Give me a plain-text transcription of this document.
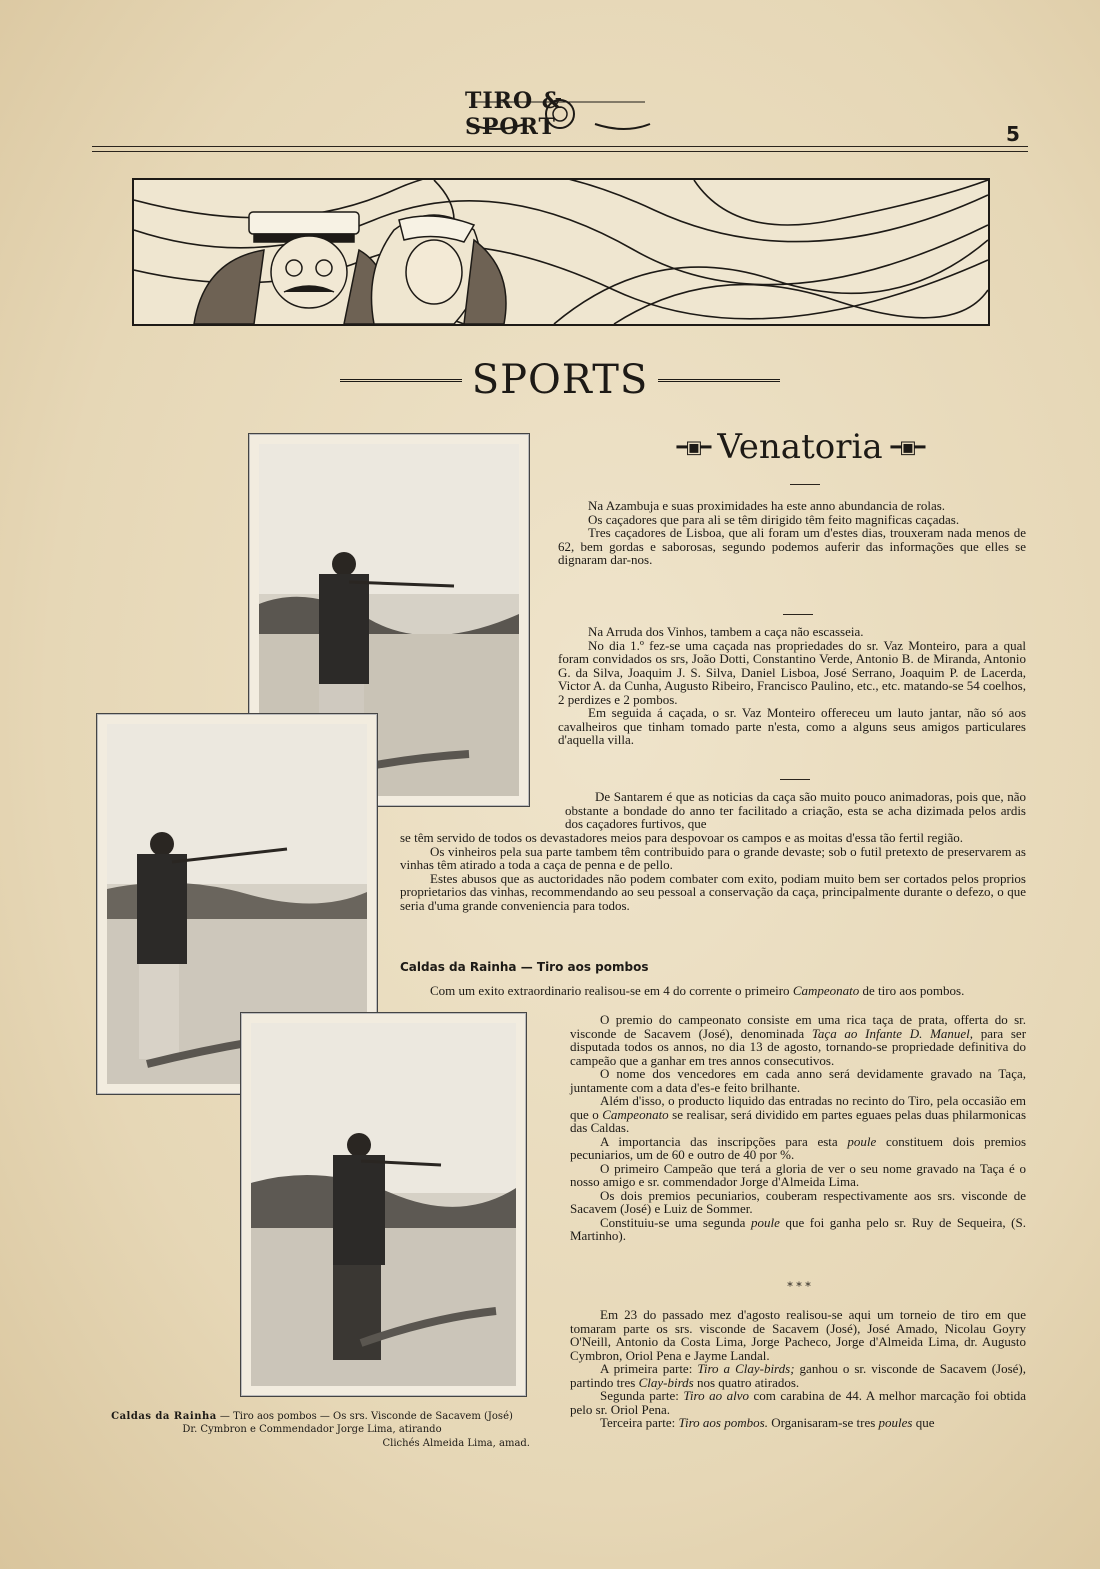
TIRO & SPORT	5
SPORTS
━▣━ Venatoria ━▣━

Na Azambuja e suas proximidades ha este anno abundancia de rolas.

Os caçadores que para ali se têm dirigido têm feito magnificas caçadas.

Tres caçadores de Lisboa, que ali foram um d'estes dias, trouxeram nada menos de 62, bem gordas e saborosas, segundo podemos auferir das informações que elles se dignaram dar-nos.

Na Arruda dos Vinhos, tambem a caça não escasseia.

No dia 1.º fez-se uma caçada nas propriedades do sr. Vaz Monteiro, para a qual foram convidados os srs, João Dotti, Constantino Verde, Antonio B. de Miranda, Antonio G. da Silva, Joaquim J. S. Silva, Daniel Lisboa, José Serrano, Joaquim P. de Lacerda, Victor A. da Cunha, Augusto Ribeiro, Francisco Paulino, etc., etc. matando-se 54 coelhos, 2 perdizes e 2 pombos.

Em seguida á caçada, o sr. Vaz Monteiro offereceu um lauto jantar, não só aos cavalheiros que tinham tomado parte n'esta, como a alguns seus amigos particulares d'aquella villa.

De Santarem é que as noticias da caça são muito pouco animadoras, pois que, não obstante a bondade do anno ter facilitado a criação, esta se acha dizimada pelos ardis dos caçadores furtivos, que

se têm servido de todos os devastadores meios para despovoar os campos e as moitas d'essa tão fertil região.

Os vinheiros pela sua parte tambem têm contribuido para o grande devaste; sob o futil pretexto de preservarem as vinhas têm atirado a toda a caça de penna e de pello.

Estes abusos que as auctoridades não podem combater com exito, podiam muito bem ser cortados pelos proprios proprietarios das vinhas, recommendando ao seu pessoal a conservação da caça, principalmente durante o defezo, o que seria d'uma grande conveniencia para todos.

Caldas da Rainha — Tiro aos pombos

Com um exito extraordinario realisou-se em 4 do corrente o primeiro Campeonato de tiro aos pombos.

O premio do campeonato consiste em uma rica taça de prata, offerta do sr. visconde de Sacavem (José), denominada Taça ao Infante D. Manuel, para ser disputada todos os annos, no dia 13 de agosto, tornando-se propriedade definitiva do campeão que a ganhar em tres annos consecutivos.

O nome dos vencedores em cada anno será devidamente gravado na Taça, juntamente com a data d'es-e feito brilhante.

Além d'isso, o producto liquido das entradas no recinto do Tiro, pela occasião em que o Campeonato se realisar, será dividido em partes eguaes pelas duas philarmonicas das Caldas.

A importancia das inscripções para esta poule constituem dois premios pecuniarios, um de 60 e outro de 40 por %.

O primeiro Campeão que terá a gloria de ver o seu nome gravado na Taça é o nosso amigo e sr. commendador Jorge d'Almeida Lima.

Os dois premios pecuniarios, couberam respectivamente aos srs. visconde de Sacavem (José) e Luiz de Sommer.

Constituiu-se uma segunda poule que foi ganha pelo sr. Ruy de Sequeira, (S. Martinho).

* * *

Em 23 do passado mez d'agosto realisou-se aqui um torneio de tiro em que tomaram parte os srs. visconde de Sacavem (José), José Amado, Nicolau Goyry O'Neill, Antonio da Costa Lima, Jorge Pacheco, Jorge d'Almeida Lima, dr. Augusto Cymbron, Oriol Pena e Jayme Landal.

A primeira parte: Tiro a Clay-birds; ganhou o sr. visconde de Sacavem (José), partindo tres Clay-birds nos quatro atirados.

Segunda parte: Tiro ao alvo com carabina de 44. A melhor marcação foi obtida pelo sr. Oriol Pena.

Terceira parte: Tiro aos pombos. Organisaram-se tres poules que

Caldas da Rainha — Tiro aos pombos — Os srs. Visconde de Sacavem (José)
Dr. Cymbron e Commendador Jorge Lima, atirando
Clichés Almeida Lima, amad.
